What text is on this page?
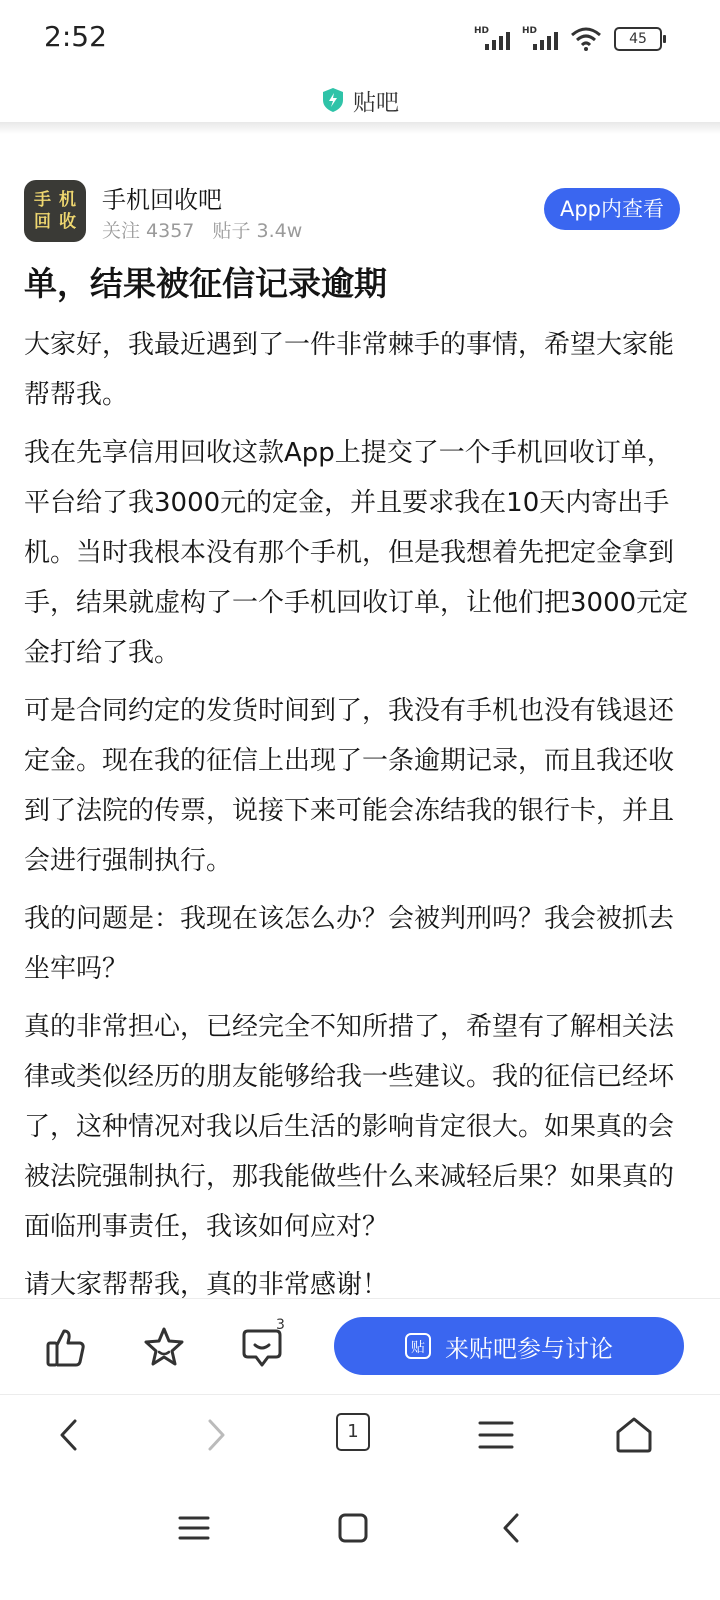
2:52	HD	HD	45
贴吧
手 机
回 收
手机回收吧
关注 4357 贴子 3.4w
App内查看
单，结果被征信记录逾期

大家好，我最近遇到了一件非常棘手的事情，希望大家能帮帮我。

我在先享信用回收这款App上提交了一个手机回收订单，平台给了我3000元的定金，并且要求我在10天内寄出手机。当时我根本没有那个手机，但是我想着先把定金拿到手，结果就虚构了一个手机回收订单，让他们把3000元定金打给了我。

可是合同约定的发货时间到了，我没有手机也没有钱退还定金。现在我的征信上出现了一条逾期记录，而且我还收到了法院的传票，说接下来可能会冻结我的银行卡，并且会进行强制执行。

我的问题是：我现在该怎么办？会被判刑吗？我会被抓去坐牢吗？

真的非常担心，已经完全不知所措了，希望有了解相关法律或类似经历的朋友能够给我一些建议。我的征信已经坏了，这种情况对我以后生活的影响肯定很大。如果真的会被法院强制执行，那我能做些什么来减轻后果？如果真的面临刑事责任，我该如何应对？

请大家帮帮我，真的非常感谢！

3
贴 来贴吧参与讨论
1
